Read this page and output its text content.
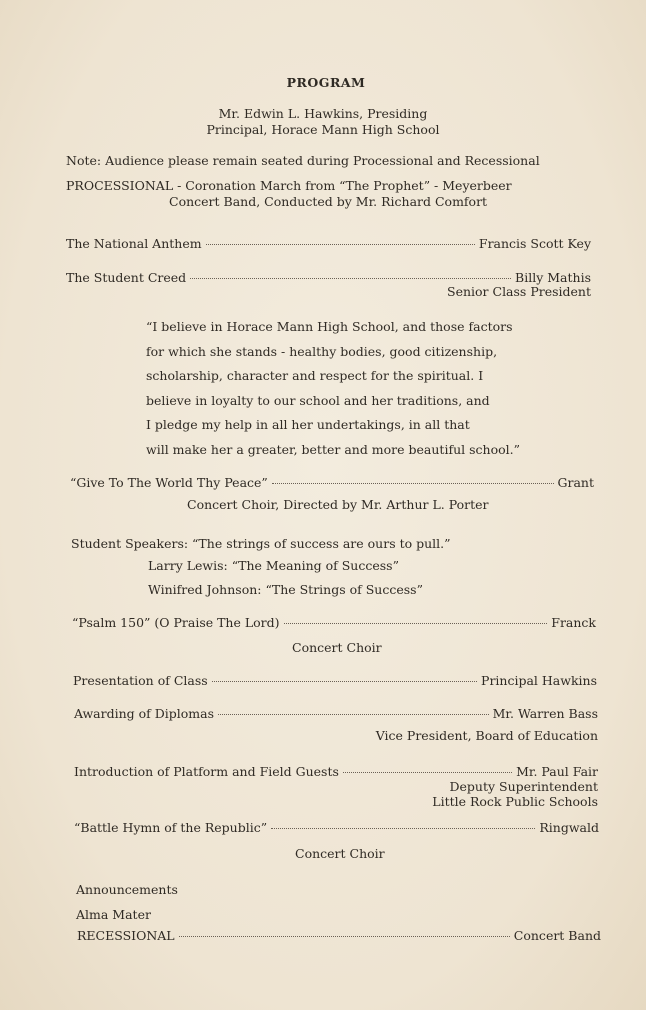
PROGRAM
Mr. Edwin L. Hawkins, Presiding
Principal, Horace Mann High School
Note: Audience please remain seated during Processional and Recessional
PROCESSIONAL - Coronation March from “The Prophet” - Meyerbeer
Concert Band, Conducted by Mr. Richard Comfort
The National Anthem	Francis Scott Key
The Student Creed	Billy Mathis
Senior Class President
“I believe in Horace Mann High School, and those factors
for which she stands - healthy bodies, good citizenship,
scholarship, character and respect for the spiritual. I
believe in loyalty to our school and her traditions, and
I pledge my help in all her undertakings, in all that
will make her a greater, better and more beautiful school.”
“Give To The World Thy Peace”	Grant
Concert Choir, Directed by Mr. Arthur L. Porter
Student Speakers: “The strings of success are ours to pull.”
Larry Lewis: “The Meaning of Success”
Winifred Johnson: “The Strings of Success”
“Psalm 150” (O Praise The Lord)	Franck
Concert Choir
Presentation of Class	Principal Hawkins
Awarding of Diplomas	Mr. Warren Bass
Vice President, Board of Education
Introduction of Platform and Field Guests	Mr. Paul Fair
Deputy Superintendent
Little Rock Public Schools
“Battle Hymn of the Republic”	Ringwald
Concert Choir
Announcements
Alma Mater
RECESSIONAL	Concert Band
